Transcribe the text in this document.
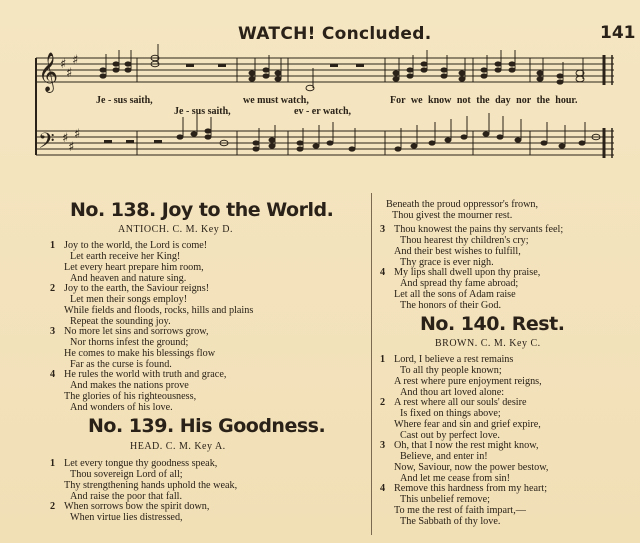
WATCH! Concluded.	141
𝄞
𝄢
♯
♯
♯
♯
♯
♯
Je - sus saith,	we must watch,	For we know not the day nor the hour.
Je - sus saith,	ev - er watch,
No. 138. Joy to the World.
ANTIOCH. C. M. Key D.
1 Joy to the world, the Lord is come!
Let earth receive her King!
Let every heart prepare him room,
And heaven and nature sing.
2 Joy to the earth, the Saviour reigns!
Let men their songs employ!
While fields and floods, rocks, hills and plains
Repeat the sounding joy.
3 No more let sins and sorrows grow,
Nor thorns infest the ground;
He comes to make his blessings flow
Far as the curse is found.
4 He rules the world with truth and grace,
And makes the nations prove
The glories of his righteousness,
And wonders of his love.
No. 139. His Goodness.
HEAD. C. M. Key A.
1 Let every tongue thy goodness speak,
Thou sovereign Lord of all;
Thy strengthening hands uphold the weak,
And raise the poor that fall.
2 When sorrows bow the spirit down,
When virtue lies distressed,
Beneath the proud oppressor's frown,
Thou givest the mourner rest.
3 Thou knowest the pains thy servants feel;
Thou hearest thy children's cry;
And their best wishes to fulfill,
Thy grace is ever nigh.
4 My lips shall dwell upon thy praise,
And spread thy fame abroad;
Let all the sons of Adam raise
The honors of their God.
No. 140. Rest.
BROWN. C. M. Key C.
1 Lord, I believe a rest remains
To all thy people known;
A rest where pure enjoyment reigns,
And thou art loved alone:
2 A rest where all our souls' desire
Is fixed on things above;
Where fear and sin and grief expire,
Cast out by perfect love.
3 Oh, that I now the rest might know,
Believe, and enter in!
Now, Saviour, now the power bestow,
And let me cease from sin!
4 Remove this hardness from my heart;
This unbelief remove;
To me the rest of faith impart,—
The Sabbath of thy love.
